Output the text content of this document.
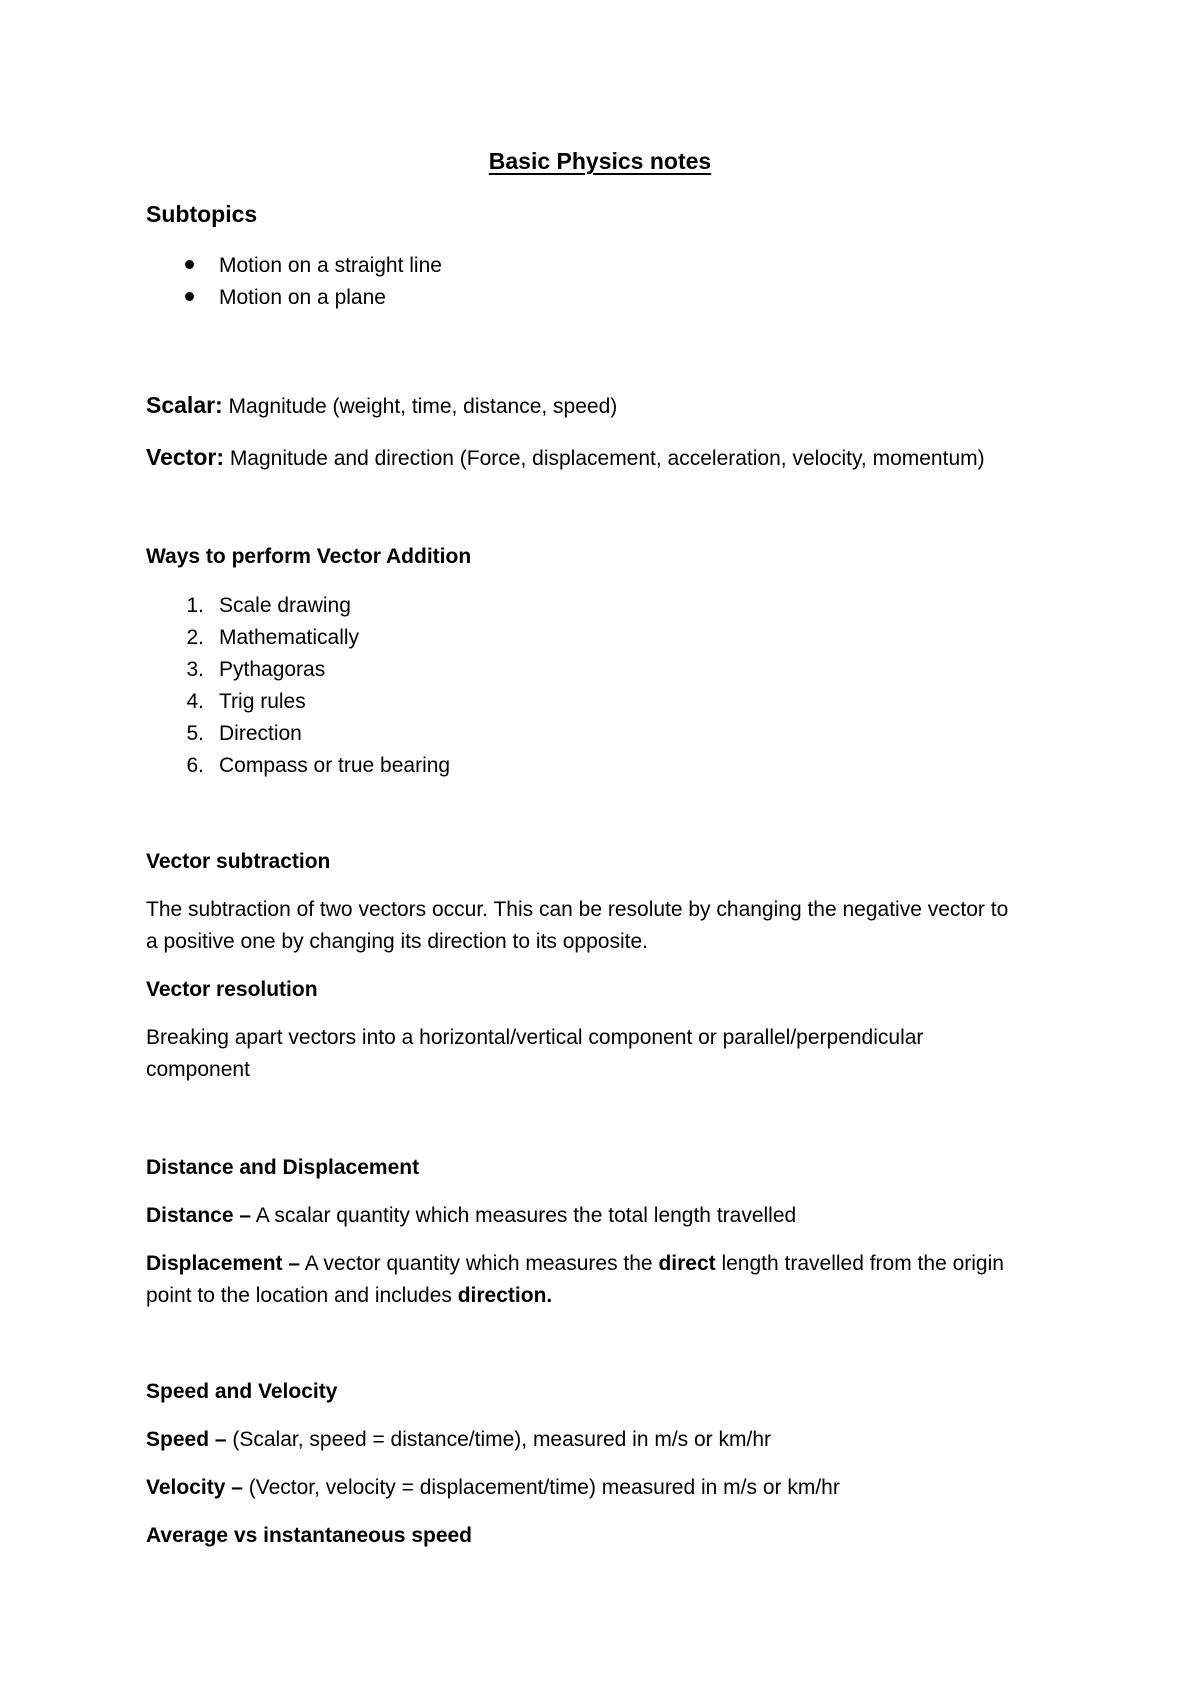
Basic Physics notes

Subtopics

Motion on a straight line

Motion on a plane

Scalar: Magnitude (weight, time, distance, speed)

Vector: Magnitude and direction (Force, displacement, acceleration, velocity, momentum)

Ways to perform Vector Addition

1. Scale drawing
2. Mathematically
3. Pythagoras
4. Trig rules
5. Direction
6. Compass or true bearing

Vector subtraction

The subtraction of two vectors occur. This can be resolute by changing the negative vector to

a positive one by changing its direction to its opposite.

Vector resolution

Breaking apart vectors into a horizontal/vertical component or parallel/perpendicular

component

Distance and Displacement

Distance – A scalar quantity which measures the total length travelled

Displacement – A vector quantity which measures the direct length travelled from the origin

point to the location and includes direction.

Speed and Velocity

Speed – (Scalar, speed = distance/time), measured in m/s or km/hr

Velocity – (Vector, velocity = displacement/time) measured in m/s or km/hr

Average vs instantaneous speed
